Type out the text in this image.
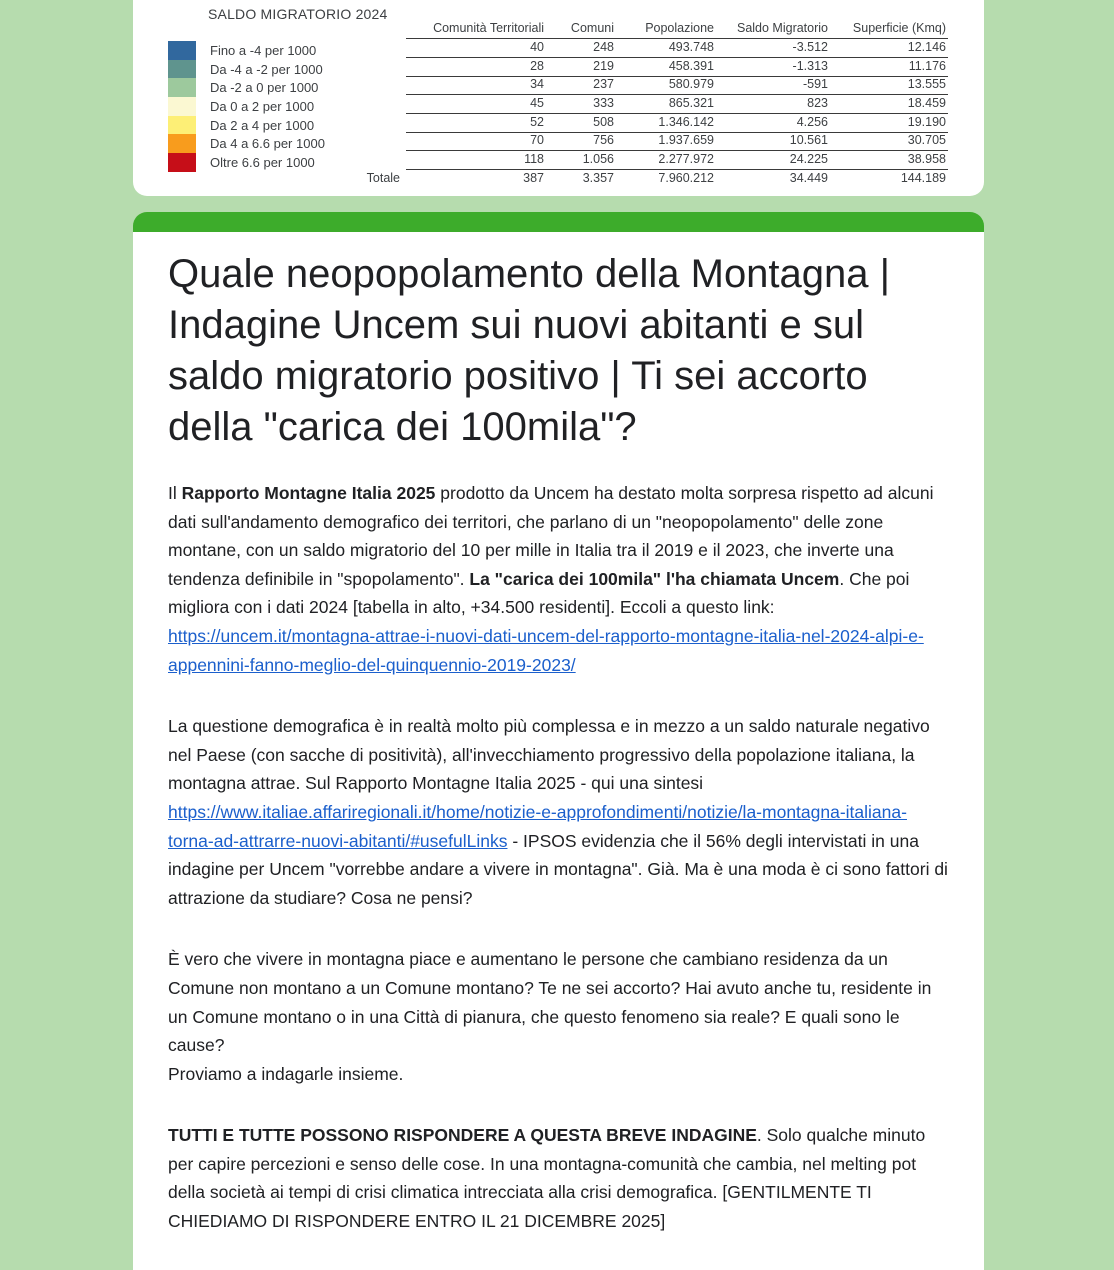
SALDO MIGRATORIO 2024
Fino a -4 per 1000
Da -4 a -2 per 1000
Da -2 a 0 per 1000
Da 0 a 2 per 1000
Da 2 a 4 per 1000
Da 4 a 6.6 per 1000
Oltre 6.6 per 1000
	Comunità Territoriali	Comuni	Popolazione	Saldo Migratorio	Superficie (Kmq)
	40	248	493.748	-3.512	12.146
	28	219	458.391	-1.313	11.176
	34	237	580.979	-591	13.555
	45	333	865.321	823	18.459
	52	508	1.346.142	4.256	19.190
	70	756	1.937.659	10.561	30.705
	118	1.056	2.277.972	24.225	38.958
Totale	387	3.357	7.960.212	34.449	144.189
Quale neopopolamento della Montagna | Indagine Uncem sui nuovi abitanti e sul saldo migratorio positivo | Ti sei accorto della "carica dei 100mila"?

Il Rapporto Montagne Italia 2025 prodotto da Uncem ha destato molta sorpresa rispetto ad alcuni dati sull'andamento demografico dei territori, che parlano di un "neopopolamento" delle zone montane, con un saldo migratorio del 10 per mille in Italia tra il 2019 e il 2023, che inverte una tendenza definibile in "spopolamento". La "carica dei 100mila" l'ha chiamata Uncem. Che poi migliora con i dati 2024 [tabella in alto, +34.500 residenti]. Eccoli a questo link: https://uncem.it/montagna-attrae-i-nuovi-dati-uncem-del-rapporto-montagne-italia-nel-2024-alpi-e-appennini-fanno-meglio-del-quinquennio-2019-2023/

La questione demografica è in realtà molto più complessa e in mezzo a un saldo naturale negativo nel Paese (con sacche di positività), all'invecchiamento progressivo della popolazione italiana, la montagna attrae. Sul Rapporto Montagne Italia 2025 - qui una sintesi https://www.italiae.affariregionali.it/home/notizie-e-approfondimenti/notizie/la-montagna-italiana-torna-ad-attrarre-nuovi-abitanti/#usefulLinks - IPSOS evidenzia che il 56% degli intervistati in una indagine per Uncem "vorrebbe andare a vivere in montagna". Già. Ma è una moda è ci sono fattori di attrazione da studiare? Cosa ne pensi?

È vero che vivere in montagna piace e aumentano le persone che cambiano residenza da un Comune non montano a un Comune montano? Te ne sei accorto? Hai avuto anche tu, residente in un Comune montano o in una Città di pianura, che questo fenomeno sia reale? E quali sono le cause?
Proviamo a indagarle insieme.

TUTTI E TUTTE POSSONO RISPONDERE A QUESTA BREVE INDAGINE. Solo qualche minuto per capire percezioni e senso delle cose. In una montagna-comunità che cambia, nel melting pot della società ai tempi di crisi climatica intrecciata alla crisi demografica. [GENTILMENTE TI CHIEDIAMO DI RISPONDERE ENTRO IL 21 DICEMBRE 2025]
